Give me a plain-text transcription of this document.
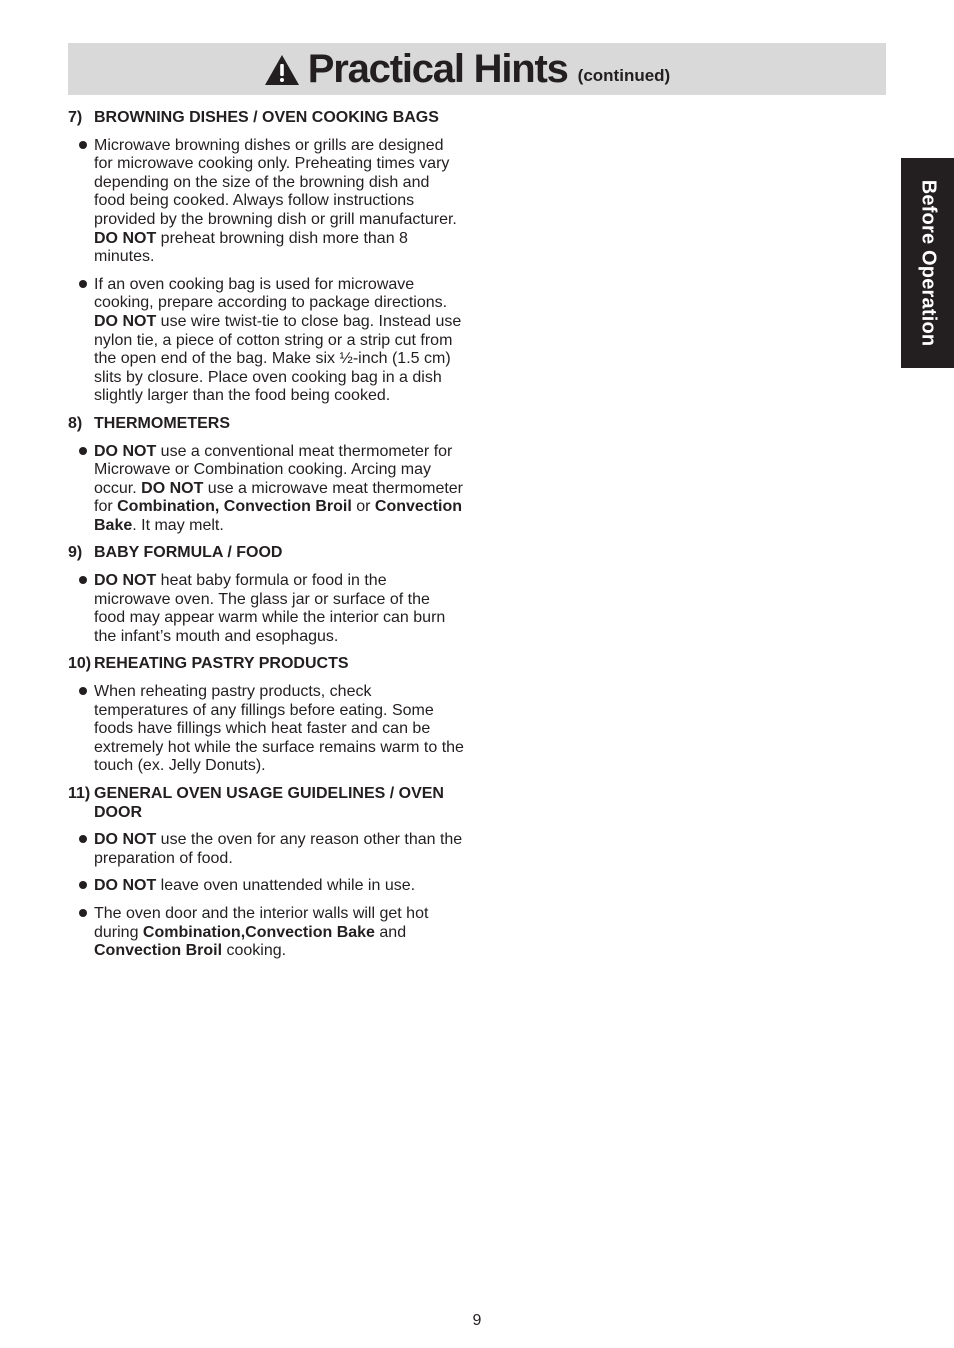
Practical Hints (continued)
Before Operation
7) BROWNING DISHES / OVEN COOKING BAGS
Microwave browning dishes or grills are designed for microwave cooking only. Preheating times vary depending on the size of the browning dish and food being cooked. Always follow instructions provided by the browning dish or grill manufacturer. DO NOT preheat browning dish more than 8 minutes.
If an oven cooking bag is used for microwave cooking, prepare according to package directions. DO NOT use wire twist-tie to close bag. Instead use nylon tie, a piece of cotton string or a strip cut from the open end of the bag. Make six ½-inch (1.5 cm) slits by closure. Place oven cooking bag in a dish slightly larger than the food being cooked.
8) THERMOMETERS
DO NOT use a conventional meat thermometer for Microwave or Combination cooking. Arcing may occur. DO NOT use a microwave meat thermometer for Combination, Convection Broil or Convection Bake. It may melt.
9) BABY FORMULA / FOOD
DO NOT heat baby formula or food in the microwave oven. The glass jar or surface of the food may appear warm while the interior can burn the infant’s mouth and esophagus.
10) REHEATING PASTRY PRODUCTS
When reheating pastry products, check temperatures of any fillings before eating. Some foods have fillings which heat faster and can be extremely hot while the surface remains warm to the touch (ex. Jelly Donuts).
11) GENERAL OVEN USAGE GUIDELINES / OVEN DOOR
DO NOT use the oven for any reason other than the preparation of food.
DO NOT leave oven unattended while in use.
The oven door and the interior walls will get hot during Combination,Convection Bake and Convection Broil cooking.
9
